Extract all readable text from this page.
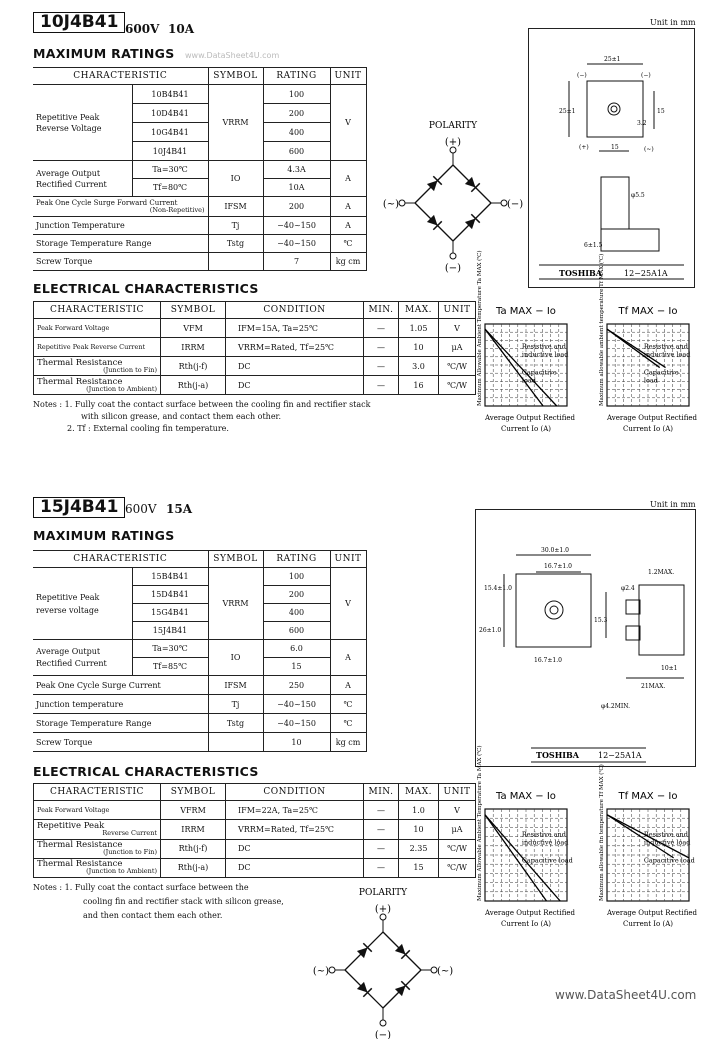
10J4B41 600V 10A
MAXIMUM RATINGS www.DataSheet4U.com
CHARACTERISTIC		SYMBOL	RATING	UNIT
Repetitive Peak Reverse Voltage	10B4B41	VRRM	100	V
	10D4B41		200	
	10G4B41		400	
	10J4B41		600	
Average Output Rectified Current	Ta=30℃	IO	4.3A	A
	Tf=80℃		10A	
Peak One Cycle Surge Forward Current
(Non-Repetitive)		IFSM	200	A
Junction Temperature		Tj	−40~150	A
Storage Temperature Range		Tstg	−40~150	℃
Screw Torque			7	kg cm
ELECTRICAL CHARACTERISTICS
CHARACTERISTIC	SYMBOL	CONDITION	MIN.	MAX.	UNIT

Peak Forward Voltage	VFM	IFM=15A, Ta=25℃	—	1.05	V

Repetitive Peak Reverse Current	IRRM	VRRM=Rated, Tf=25℃	—	10	μA

Thermal Resistance
(Junction to Fin)	Rth(j-f)	DC	—	3.0	℃/W

Thermal Resistance
(Junction to Ambient)	Rth(j-a)	DC	—	16	℃/W
Notes : 1. Fully coat the contact surface between the cooling fin and rectifier stack
with silicon grease, and contact them each other.
2. Tf : External cooling fin temperature.
(+)
(−)
(~)	(−)
POLARITY
Unit in mm
25±1
25±1	15
15
3.2
φ5.5
6±1.5
(−)	(−)
(+)	(~)
TOSHIBA	12−25A1A
Ta MAX − Io
Resistive and
inductive load
Capacitive
load
Maximum Allowable Ambient Temperature Ta MAX (℃)
Average Output Rectified
Current Io (A)
Tf MAX − Io
Resistive and
inductive load
Capacitive
load
Maximum allowable ambient temperature Tf MAX (℃)
Average Output Rectified
Current Io (A)
15J4B41 600V 15A
MAXIMUM RATINGS
CHARACTERISTIC		SYMBOL	RATING	UNIT
Repetitive Peak reverse voltage	15B4B41	VRRM	100	V
	15D4B41		200	
	15G4B41		400	
	15J4B41		600	
Average Output Rectified Current	Ta=30℃	IO	6.0	A
	Tf=85℃		15	
Peak One Cycle Surge Current		IFSM	250	A
Junction temperature		Tj	−40~150	℃
Storage Temperature Range		Tstg	−40~150	℃
Screw Torque			10	kg cm
ELECTRICAL CHARACTERISTICS
CHARACTERISTIC	SYMBOL	CONDITION	MIN.	MAX.	UNIT

Peak Forward Voltage	VFRM	IFM=22A, Ta=25℃	—	1.0	V

Repetitive Peak
Reverse Current	IRRM	VRRM=Rated, Tf=25℃	—	10	μA

Thermal Resistance
(Junction to Fin)	Rth(j-f)	DC	—	2.35	℃/W

Thermal Resistance
(Junction to Ambient)	Rth(j-a)	DC	—	15	℃/W
Notes : 1. Fully coat the contact surface between the
cooling fin and rectifier stack with silicon grease,
and then contact them each other.
(+)
(−)
(~)	(~)
POLARITY
Unit in mm
30.0±1.0
16.7±1.0
26±1.0
15.4±1.0
15.3
16.7±1.0
φ4.2MIN.
1.2MAX.
φ2.4
10±1
21MAX.
TOSHIBA 12−25A1A
Ta MAX − Io
Resistive and
inductive load
Capacitive load
Maximum Allowable Ambient Temperature Ta MAX (℃)
Average Output Rectified
Current Io (A)
Tf MAX − Io
Resistive and
inductive load
Capacitive load
Maximum allowable fin temperature Tf MAX (℃)
Average Output Rectified
Current Io (A)
www.DataSheet4U.com
